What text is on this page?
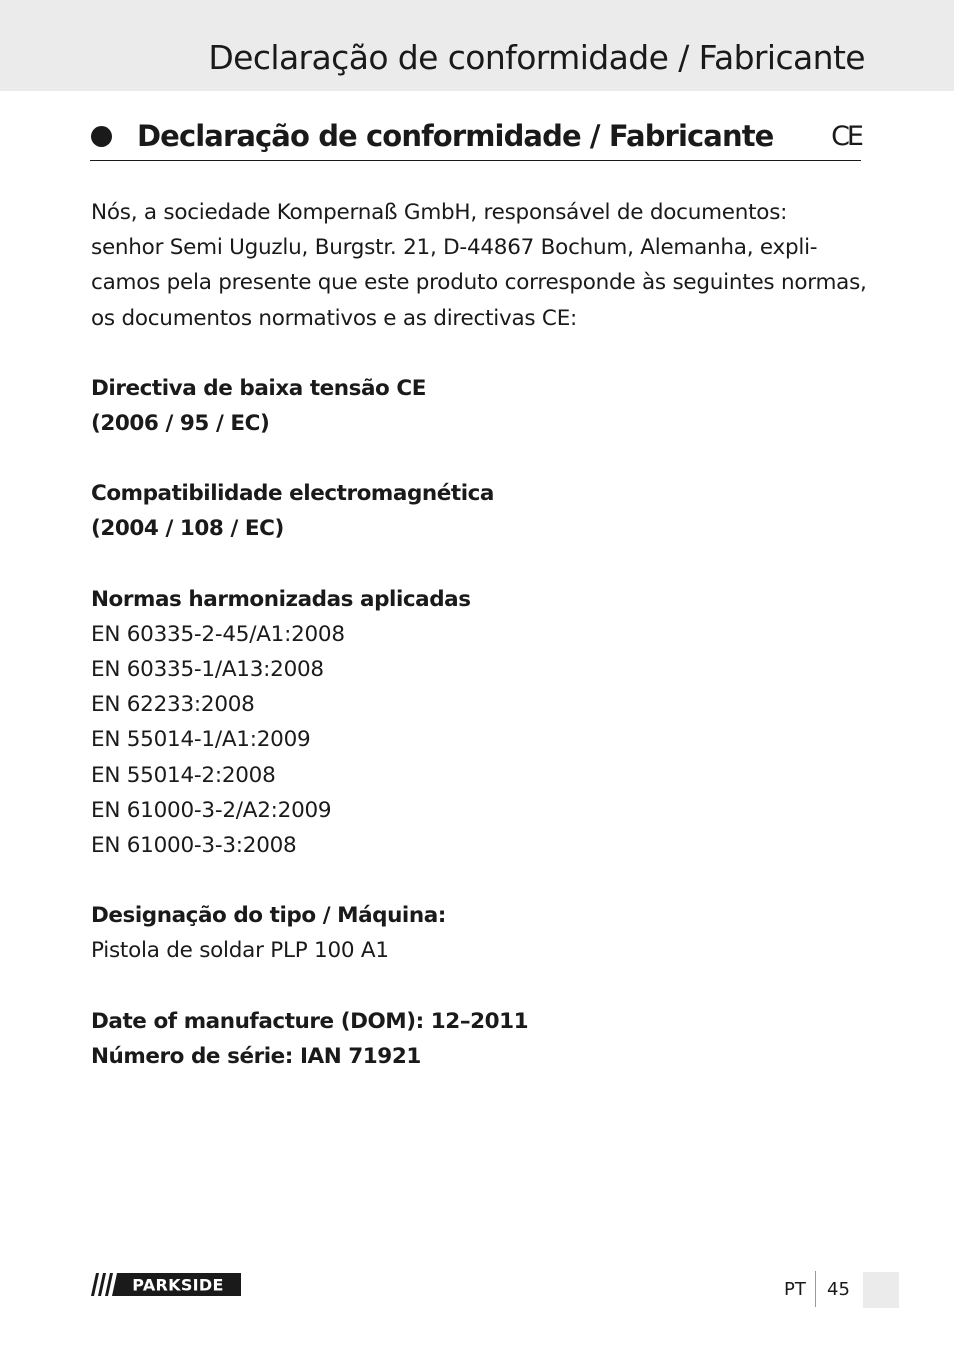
Declaração de conformidade / Fabricante
Declaração de conformidade / Fabricante CE

Nós, a sociedade Kompernaß GmbH, responsável de documentos:

senhor Semi Uguzlu, Burgstr. 21, D-44867 Bochum, Alemanha, expli-

camos pela presente que este produto corresponde às seguintes normas,

os documentos normativos e as directivas CE:

Directiva de baixa tensão CE

(2006 / 95 / EC)

Compatibilidade electromagnética

(2004 / 108 / EC)

Normas harmonizadas aplicadas

EN 60335-2-45/A1:2008

EN 60335-1/A13:2008

EN 62233:2008

EN 55014-1/A1:2009

EN 55014-2:2008

EN 61000-3-2/A2:2009

EN 61000-3-3:2008

Designação do tipo / Máquina:

Pistola de soldar PLP 100 A1

Date of manufacture (DOM): 12–2011

Número de série: IAN 71921

PARKSIDE	PT 45
